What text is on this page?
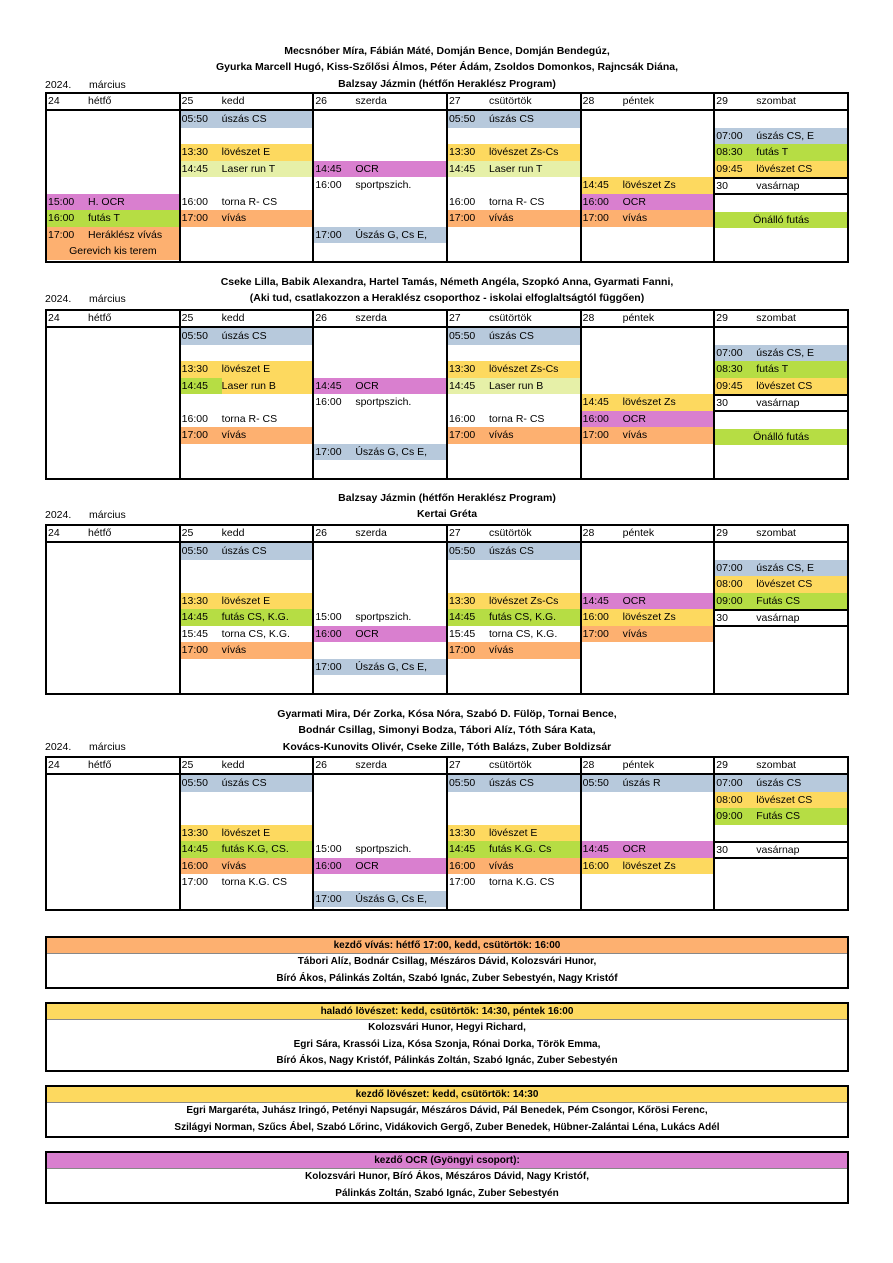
Mecsnóber Míra, Fábián Máté, Domján Bence, Domján Bendegúz,
Gyurka Marcell Hugó, Kiss-Szőlősi Álmos, Péter Ádám, Zsoldos Domonkos, Rajncsák Diána,
Balzsay Jázmin (hétfőn Heraklész Program)
2024. március
24	hétfő
15:00 H. OCR
16:00 futás T
17:00 Heráklész vívás
Gerevich kis terem

25	kedd
05:50 úszás CS
13:30 lövészet E
14:45 Laser run T
16:00 torna R- CS
17:00 vívás

26	szerda
14:45 OCR
16:00 sportpszich.
17:00 Úszás G, Cs E,

27	csütörtök
05:50 úszás CS
13:30 lövészet Zs-Cs
14:45 Laser run T
16:00 torna R- CS
17:00 vívás

28	péntek
14:45 lövészet Zs
16:00 OCR
17:00 vívás

29	szombat
07:00 úszás CS, E
08:30 futás T
09:45 lövészet CS
30	vasárnap
Önálló futás
Cseke Lilla, Babik Alexandra, Hartel Tamás, Németh Angéla, Szopkó Anna, Gyarmati Fanni,
(Aki tud, csatlakozzon a Heraklész csoporthoz - iskolai elfoglaltságtól függően)
2024. március
24	hétfő	25	kedd
05:50 úszás CS
13:30 lövészet E
14:45 Laser run B
16:00 torna R- CS
17:00 vívás

26	szerda
14:45 OCR
16:00 sportpszich.
17:00 Úszás G, Cs E,

27	csütörtök
05:50 úszás CS
13:30 lövészet Zs-Cs
14:45 Laser run B
16:00 torna R- CS
17:00 vívás

28	péntek
14:45 lövészet Zs
16:00 OCR
17:00 vívás

29	szombat
07:00 úszás CS, E
08:30 futás T
09:45 lövészet CS
30	vasárnap
Önálló futás
Balzsay Jázmin (hétfőn Heraklész Program)
Kertai Gréta
2024. március
24	hétfő	25	kedd
05:50 úszás CS
13:30 lövészet E
14:45 futás CS, K.G.
15:45 torna CS, K.G.
17:00 vívás

26	szerda
15:00 sportpszich.
16:00 OCR
17:00 Úszás G, Cs E,

27	csütörtök
05:50 úszás CS
13:30 lövészet Zs-Cs
14:45 futás CS, K.G.
15:45 torna CS, K.G.
17:00 vívás

28	péntek
14:45 OCR
16:00 lövészet Zs
17:00 vívás

29	szombat
07:00 úszás CS, E
08:00 lövészet CS
09:00 Futás CS
30	vasárnap
Gyarmati Mira, Dér Zorka, Kósa Nóra, Szabó D. Fülöp, Tornai Bence,
Bodnár Csillag, Simonyi Bodza, Tábori Alíz, Tóth Sára Kata,
Kovács-Kunovits Olivér, Cseke Zille, Tóth Balázs, Zuber Boldizsár
2024. március
24	hétfő	25	kedd
05:50 úszás CS
13:30 lövészet E
14:45 futás K.G, CS.
16:00 vívás
17:00 torna K.G. CS

26	szerda
15:00 sportpszich.
16:00 OCR
17:00 Úszás G, Cs E,

27	csütörtök
05:50 úszás CS
13:30 lövészet E
14:45 futás K.G. Cs
16:00 vívás
17:00 torna K.G. CS

28	péntek
05:50 úszás R
14:45 OCR
16:00 lövészet Zs

29	szombat
07:00 úszás CS
08:00 lövészet CS
09:00 Futás CS
30	vasárnap
kezdő vívás: hétfő 17:00, kedd, csütörtök: 16:00
Tábori Alíz, Bodnár Csillag, Mészáros Dávid, Kolozsvári Hunor,
Bíró Ákos, Pálinkás Zoltán, Szabó Ignác, Zuber Sebestyén, Nagy Kristóf
haladó lövészet: kedd, csütörtök: 14:30, péntek 16:00
Kolozsvári Hunor, Hegyi Richard,
Egri Sára, Krassói Liza, Kósa Szonja, Rónai Dorka, Török Emma,
Bíró Ákos, Nagy Kristóf, Pálinkás Zoltán, Szabó Ignác, Zuber Sebestyén
kezdő lövészet: kedd, csütörtök: 14:30
Egri Margaréta, Juhász Iringó, Petényi Napsugár, Mészáros Dávid, Pál Benedek, Pém Csongor, Kőrösi Ferenc,
Szilágyi Norman, Szűcs Ábel, Szabó Lőrinc, Vidákovich Gergő, Zuber Benedek, Hübner-Zalántai Léna, Lukács Adél
kezdő OCR (Gyöngyi csoport):
Kolozsvári Hunor, Bíró Ákos, Mészáros Dávid, Nagy Kristóf,
Pálinkás Zoltán, Szabó Ignác, Zuber Sebestyén
